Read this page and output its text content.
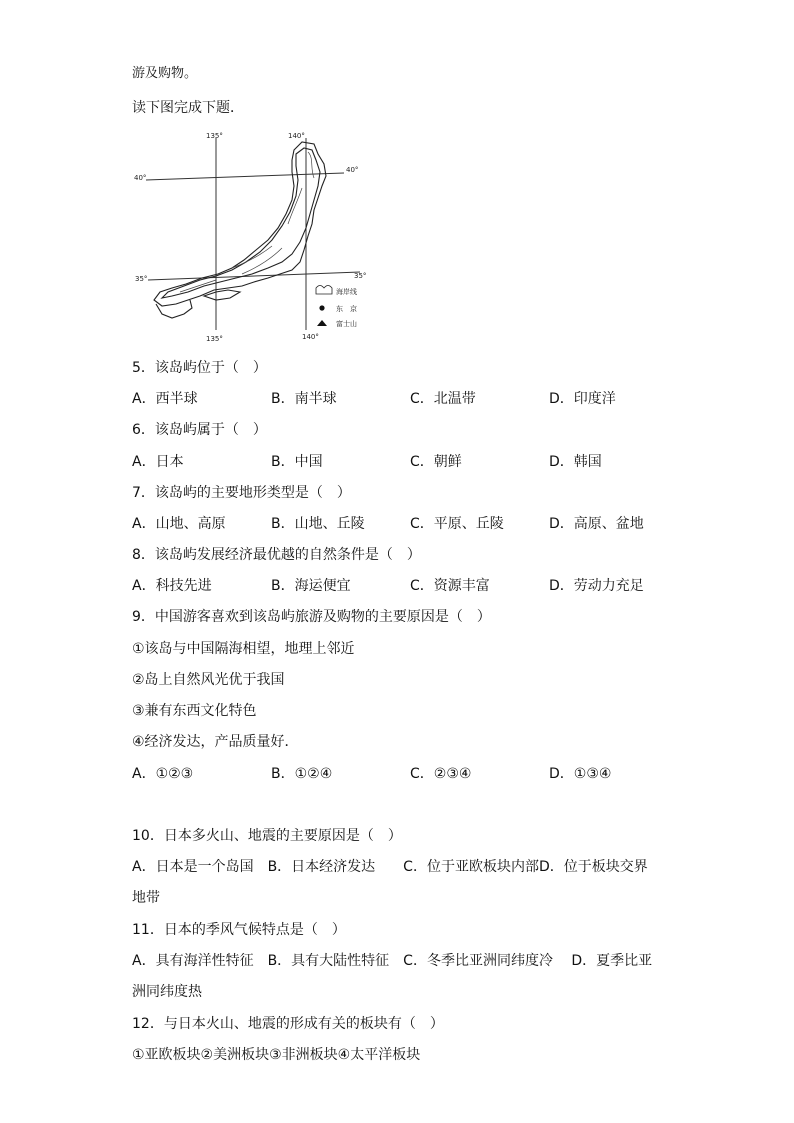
游及购物。
读下图完成下题．
135°	140°
40°
40°
35°	35°
135°	140°
海岸线
东　京
富士山
5．该岛屿位于（　）
A．西半球	B．南半球	C．北温带	D．印度洋
6．该岛屿属于（　）
A．日本	B．中国	C．朝鲜	D．韩国
7．该岛屿的主要地形类型是（　）
A．山地、高原	B．山地、丘陵	C．平原、丘陵	D．高原、盆地
8．该岛屿发展经济最优越的自然条件是（　）
A．科技先进	B．海运便宜	C．资源丰富	D．劳动力充足
9．中国游客喜欢到该岛屿旅游及购物的主要原因是（　）
①该岛与中国隔海相望，地理上邻近
②岛上自然风光优于我国
③兼有东西文化特色
④经济发达，产品质量好．
A．①②③	B．①②④	C．②③④	D．①③④
10．日本多火山、地震的主要原因是（　）
A．日本是一个岛国　B．日本经济发达　　C．位于亚欧板块内部D．位于板块交界
地带
11．日本的季风气候特点是（　）
A．具有海洋性特征　B．具有大陆性特征　C．冬季比亚洲同纬度冷　 D．夏季比亚
洲同纬度热
12．与日本火山、地震的形成有关的板块有（　）
①亚欧板块②美洲板块③非洲板块④太平洋板块
